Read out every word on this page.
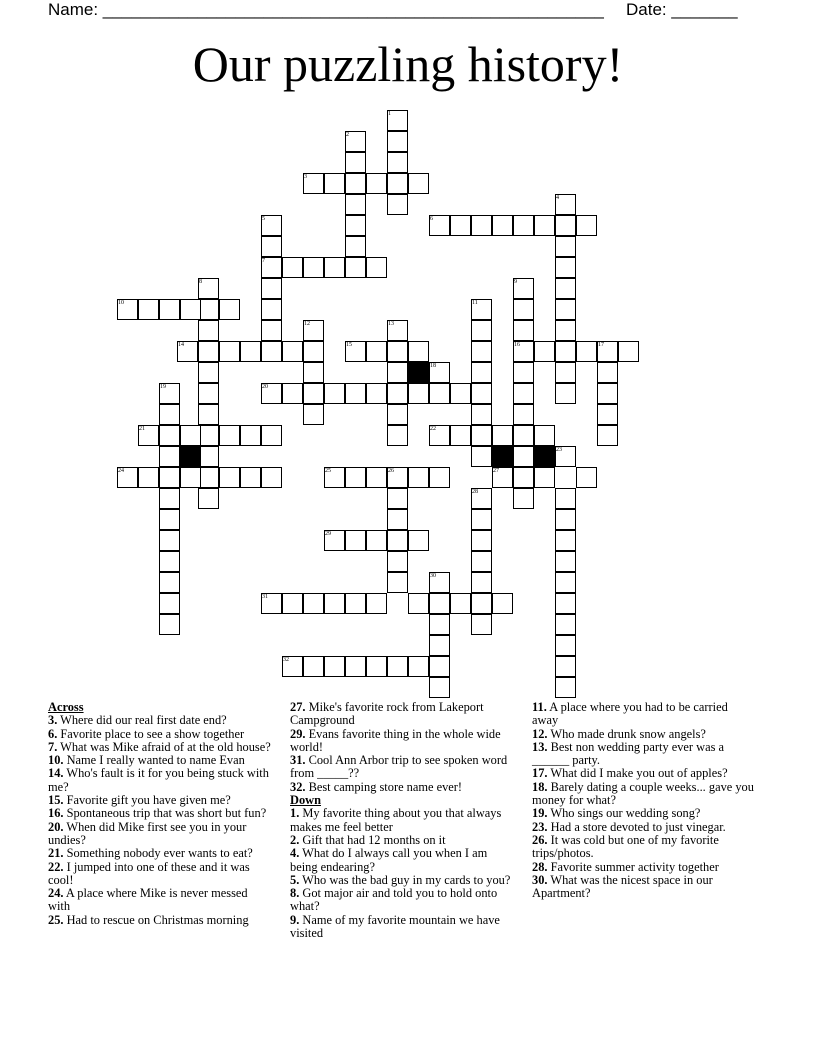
Name: _____________________________________________________ Date: _______
Our puzzling history!
1
2
3
4
5	6
7
8	9
10	11
12	13
14	15	16	17
18
19	20
21	22
23
24	25	26	27
28
29
30
31
32
Across
3. Where did our real first date end?
6. Favorite place to see a show together
7. What was Mike afraid of at the old house?
10. Name I really wanted to name Evan
14. Who's fault is it for you being stuck with me?
15. Favorite gift you have given me?
16. Spontaneous trip that was short but fun?
20. When did Mike first see you in your undies?
21. Something nobody ever wants to eat?
22. I jumped into one of these and it was cool!
24. A place where Mike is never messed with
25. Had to rescue on Christmas morning
27. Mike's favorite rock from Lakeport Campground
29. Evans favorite thing in the whole wide world!
31. Cool Ann Arbor trip to see spoken word from _____??
32. Best camping store name ever!
Down
1. My favorite thing about you that always makes me feel better
2. Gift that had 12 months on it
4. What do I always call you when I am being endearing?
5. Who was the bad guy in my cards to you?
8. Got major air and told you to hold onto what?
9. Name of my favorite mountain we have visited
11. A place where you had to be carried away
12. Who made drunk snow angels?
13. Best non wedding party ever was a ______ party.
17. What did I make you out of apples?
18. Barely dating a couple weeks... gave you money for what?
19. Who sings our wedding song?
23. Had a store devoted to just vinegar.
26. It was cold but one of my favorite trips/photos.
28. Favorite summer activity together
30. What was the nicest space in our Apartment?
